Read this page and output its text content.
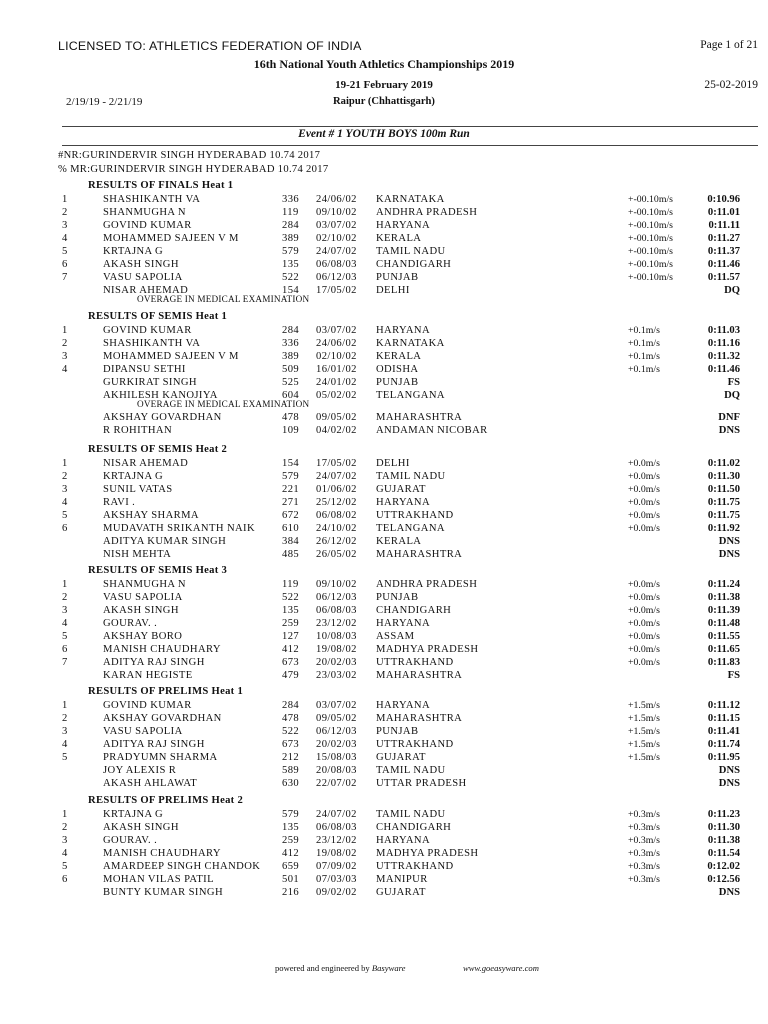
LICENSED TO: ATHLETICS FEDERATION OF INDIA	Page 1 of 21
16th National Youth Athletics Championships 2019
19-21 February 2019	25-02-2019
2/19/19 - 2/21/19	Raipur (Chhattisgarh)
Event # 1 YOUTH BOYS 100m Run
#NR:GURINDERVIR SINGH HYDERABAD 10.74 2017
% MR:GURINDERVIR SINGH HYDERABAD 10.74 2017
RESULTS OF FINALS Heat 1
1	SHASHIKANTH VA	336 24/06/02 KARNATAKA	+-00.10m/s	0:10.96
2	SHANMUGHA N	119 09/10/02 ANDHRA PRADESH	+-00.10m/s	0:11.01
3	GOVIND KUMAR	284 03/07/02 HARYANA	+-00.10m/s	0:11.11
4	MOHAMMED SAJEEN V M	389 02/10/02 KERALA	+-00.10m/s	0:11.27
5	KRTAJNA G	579 24/07/02 TAMIL NADU	+-00.10m/s	0:11.37
6	AKASH SINGH	135 06/08/03 CHANDIGARH	+-00.10m/s	0:11.46
7	VASU SAPOLIA	522 06/12/03 PUNJAB	+-00.10m/s	0:11.57
NISAR AHEMAD	154 17/05/02 DELHI	DQ
OVERAGE IN MEDICAL EXAMINATION
RESULTS OF SEMIS Heat 1
1	GOVIND KUMAR	284 03/07/02 HARYANA	+0.1m/s	0:11.03
2	SHASHIKANTH VA	336 24/06/02 KARNATAKA	+0.1m/s	0:11.16
3	MOHAMMED SAJEEN V M	389 02/10/02 KERALA	+0.1m/s	0:11.32
4	DIPANSU SETHI	509 16/01/02 ODISHA	+0.1m/s	0:11.46
GURKIRAT SINGH	525 24/01/02 PUNJAB	FS
AKHILESH KANOJIYA	604 05/02/02 TELANGANA	DQ
OVERAGE IN MEDICAL EXAMINATION
AKSHAY GOVARDHAN	478 09/05/02 MAHARASHTRA	DNF
R ROHITHAN	109 04/02/02 ANDAMAN NICOBAR	DNS
RESULTS OF SEMIS Heat 2
1	NISAR AHEMAD	154 17/05/02 DELHI	+0.0m/s	0:11.02
2	KRTAJNA G	579 24/07/02 TAMIL NADU	+0.0m/s	0:11.30
3	SUNIL VATAS	221 01/06/02 GUJARAT	+0.0m/s	0:11.50
4	RAVI .	271 25/12/02 HARYANA	+0.0m/s	0:11.75
5	AKSHAY SHARMA	672 06/08/02 UTTRAKHAND	+0.0m/s	0:11.75
6	MUDAVATH SRIKANTH NAIK	610 24/10/02 TELANGANA	+0.0m/s	0:11.92
ADITYA KUMAR SINGH	384 26/12/02 KERALA	DNS
NISH MEHTA	485 26/05/02 MAHARASHTRA	DNS
RESULTS OF SEMIS Heat 3
1	SHANMUGHA N	119 09/10/02 ANDHRA PRADESH	+0.0m/s	0:11.24
2	VASU SAPOLIA	522 06/12/03 PUNJAB	+0.0m/s	0:11.38
3	AKASH SINGH	135 06/08/03 CHANDIGARH	+0.0m/s	0:11.39
4	GOURAV. .	259 23/12/02 HARYANA	+0.0m/s	0:11.48
5	AKSHAY BORO	127 10/08/03 ASSAM	+0.0m/s	0:11.55
6	MANISH CHAUDHARY	412 19/08/02 MADHYA PRADESH	+0.0m/s	0:11.65
7	ADITYA RAJ SINGH	673 20/02/03 UTTRAKHAND	+0.0m/s	0:11.83
KARAN HEGISTE	479 23/03/02 MAHARASHTRA	FS
RESULTS OF PRELIMS Heat 1
1	GOVIND KUMAR	284 03/07/02 HARYANA	+1.5m/s	0:11.12
2	AKSHAY GOVARDHAN	478 09/05/02 MAHARASHTRA	+1.5m/s	0:11.15
3	VASU SAPOLIA	522 06/12/03 PUNJAB	+1.5m/s	0:11.41
4	ADITYA RAJ SINGH	673 20/02/03 UTTRAKHAND	+1.5m/s	0:11.74
5	PRADYUMN SHARMA	212 15/08/03 GUJARAT	+1.5m/s	0:11.95
JOY ALEXIS R	589 20/08/03 TAMIL NADU	DNS
AKASH AHLAWAT	630 22/07/02 UTTAR PRADESH	DNS
RESULTS OF PRELIMS Heat 2
1	KRTAJNA G	579 24/07/02 TAMIL NADU	+0.3m/s	0:11.23
2	AKASH SINGH	135 06/08/03 CHANDIGARH	+0.3m/s	0:11.30
3	GOURAV. .	259 23/12/02 HARYANA	+0.3m/s	0:11.38
4	MANISH CHAUDHARY	412 19/08/02 MADHYA PRADESH	+0.3m/s	0:11.54
5	AMARDEEP SINGH CHANDOK 659 07/09/02 UTTRAKHAND	+0.3m/s	0:12.02
6	MOHAN VILAS PATIL	501 07/03/03 MANIPUR	+0.3m/s	0:12.56
BUNTY KUMAR SINGH	216 09/02/02 GUJARAT	DNS
powered and engineered by Basyware	www.goeasyware.com
